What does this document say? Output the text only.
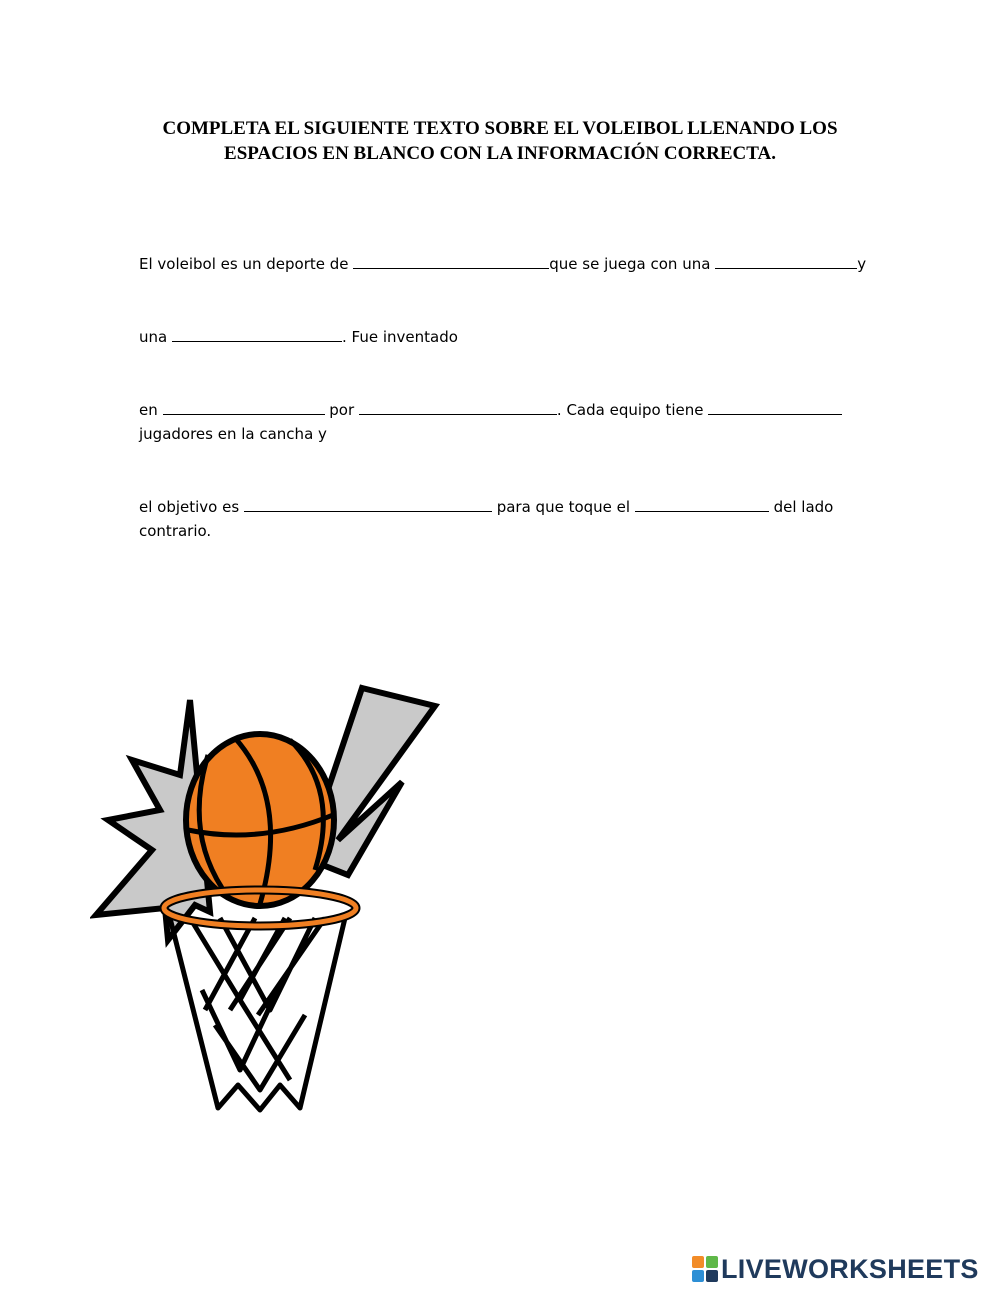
COMPLETA EL SIGUIENTE TEXTO SOBRE EL VOLEIBOL LLENANDO LOS
ESPACIOS EN BLANCO CON LA INFORMACIÓN CORRECTA.
El voleibol es un deporte de	que se juega con una	y
una	. Fue inventado
en	por	. Cada equipo tiene
jugadores en la cancha y
el objetivo es	para que toque el	del lado
contrario.
LIVEWORKSHEETS
